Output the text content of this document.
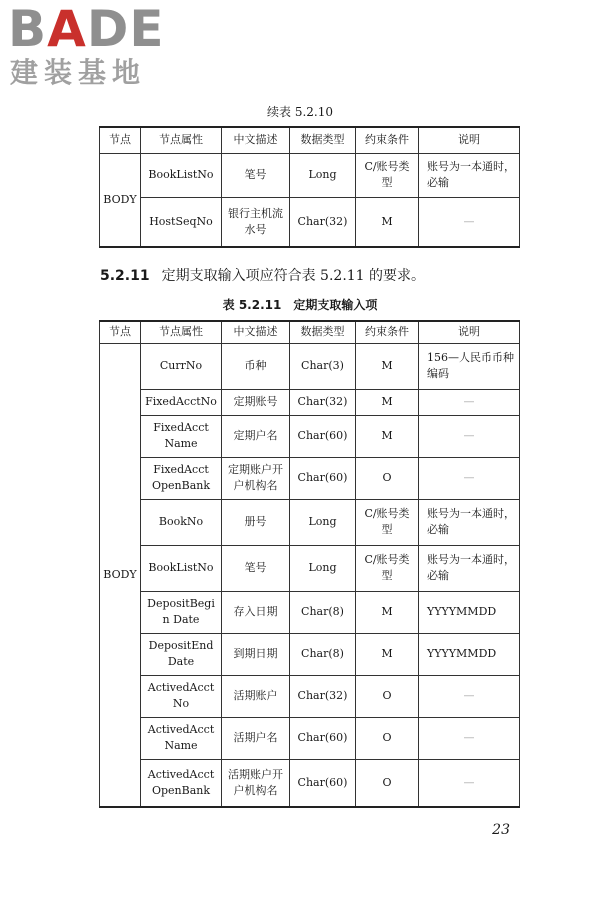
BADE
建装基地
续表 5.2.10
节点	节点属性	中文描述	数据类型	约束条件	说明
BODY	BookListNo	笔号	Long	C/账号类型	账号为一本通时，必输
	HostSeqNo	银行主机流水号	Char(32)	M	—
5.2.11 定期支取输入项应符合表 5.2.11 的要求。
表 5.2.11　定期支取输入项
节点	节点属性	中文描述	数据类型	约束条件	说明
BODY	CurrNo	币种	Char(3)	M	156—人民币币种编码
	FixedAcctNo	定期账号	Char(32)	M	—
	FixedAcct Name	定期户名	Char(60)	M	—
	FixedAcct OpenBank	定期账户开户机构名	Char(60)	O	—
	BookNo	册号	Long	C/账号类型	账号为一本通时，必输
	BookListNo	笔号	Long	C/账号类型	账号为一本通时，必输
	DepositBegin Date	存入日期	Char(8)	M	YYYYMMDD
	DepositEnd Date	到期日期	Char(8)	M	YYYYMMDD
	ActivedAcct No	活期账户	Char(32)	O	—
	ActivedAcct Name	活期户名	Char(60)	O	—
	ActivedAcct OpenBank	活期账户开户机构名	Char(60)	O	—
23
